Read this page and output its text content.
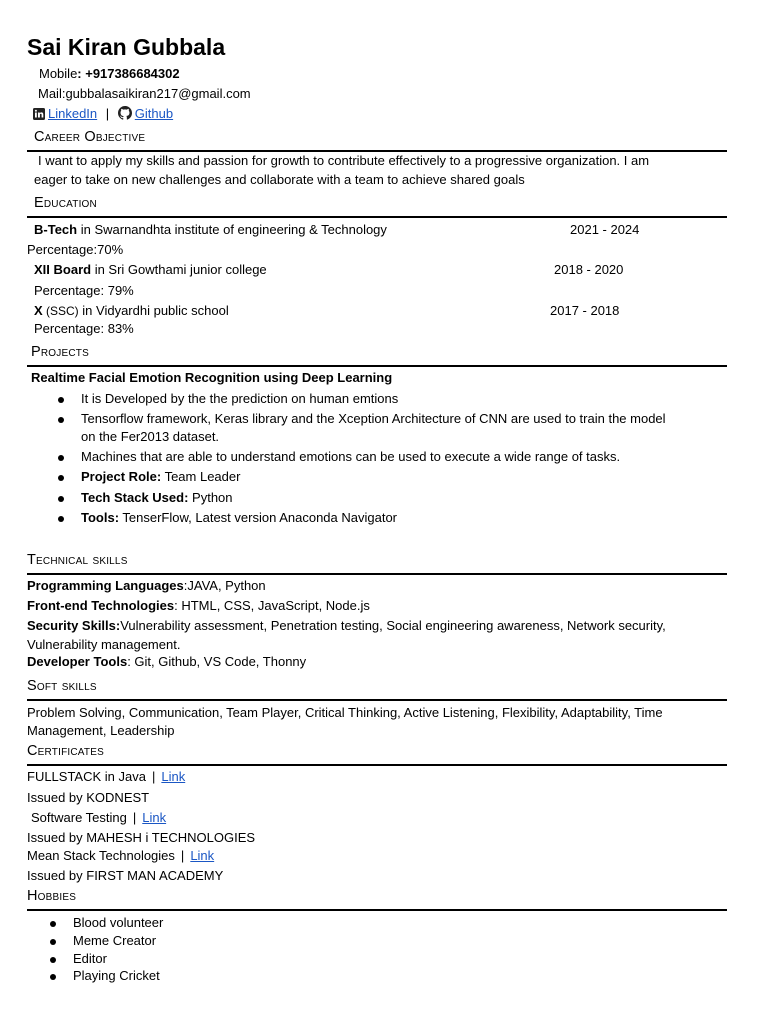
Sai Kiran Gubbala
Mobile: +917386684302
Mail:gubbalasaikiran217@gmail.com
LinkedIn | Github
Career Objective
I want to apply my skills and passion for growth to contribute effectively to a progressive organization. I am
eager to take on new challenges and collaborate with a team to achieve shared goals
Education
B-Tech in Swarnandhta institute of engineering & Technology	2021 - 2024
Percentage:70%
XII Board in Sri Gowthami junior college	2018 - 2020
Percentage: 79%
X (SSC) in Vidyardhi public school	2017 - 2018
Percentage: 83%
Projects
Realtime Facial Emotion Recognition using Deep Learning
It is Developed by the the prediction on human emtions
Tensorflow framework, Keras library and the Xception Architecture of CNN are used to train the model
on the Fer2013 dataset.
Machines that are able to understand emotions can be used to execute a wide range of tasks.
Project Role: Team Leader
Tech Stack Used: Python
Tools: TenserFlow, Latest version Anaconda Navigator
Technical skills
Programming Languages:JAVA, Python
Front-end Technologies: HTML, CSS, JavaScript, Node.js
Security Skills:Vulnerability assessment, Penetration testing, Social engineering awareness, Network security,
Vulnerability management.
Developer Tools: Git, Github, VS Code, Thonny
Soft skills
Problem Solving, Communication, Team Player, Critical Thinking, Active Listening, Flexibility, Adaptability, Time
Management, Leadership
Certificates
FULLSTACK in Java | Link
Issued by KODNEST
Software Testing | Link
Issued by MAHESH i TECHNOLOGIES
Mean Stack Technologies | Link
Issued by FIRST MAN ACADEMY
Hobbies
Blood volunteer
Meme Creator
Editor
Playing Cricket
